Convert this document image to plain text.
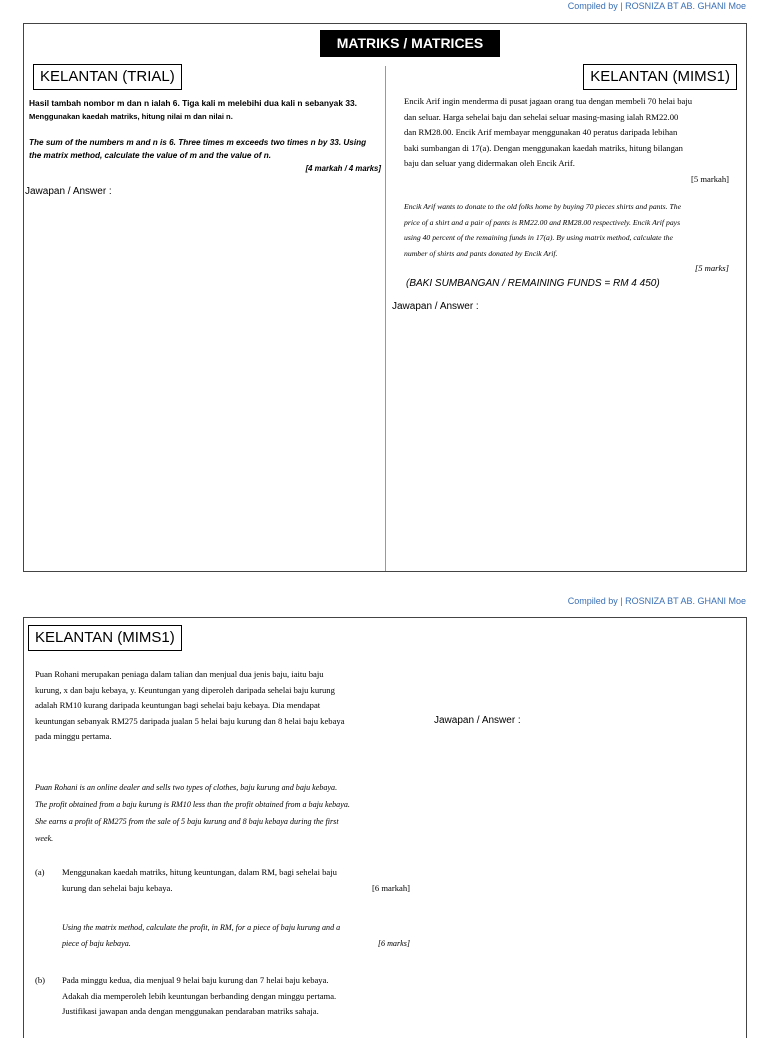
Compiled by | ROSNIZA BT AB. GHANI Moe
MATRIKS / MATRICES
KELANTAN (TRIAL)	KELANTAN (MIMS1)
Hasil tambah nombor m dan n ialah 6. Tiga kali m melebihi dua kali n sebanyak 33.
Menggunakan kaedah matriks, hitung nilai m dan nilai n.
The sum of the numbers m and n is 6. Three times m exceeds two times n by 33. Using
the matrix method, calculate the value of m and the value of n.
[4 markah / 4 marks]
Jawapan / Answer :
Encik Arif ingin menderma di pusat jagaan orang tua dengan membeli 70 helai baju
dan seluar. Harga sehelai baju dan sehelai seluar masing-masing ialah RM22.00
dan RM28.00. Encik Arif membayar menggunakan 40 peratus daripada lebihan
baki sumbangan di 17(a). Dengan menggunakan kaedah matriks, hitung bilangan
baju dan seluar yang didermakan oleh Encik Arif.
[5 markah]
Encik Arif wants to donate to the old folks home by buying 70 pieces shirts and pants. The
price of a shirt and a pair of pants is RM22.00 and RM28.00 respectively. Encik Arif pays
using 40 percent of the remaining funds in 17(a). By using matrix method, calculate the
number of shirts and pants donated by Encik Arif.
[5 marks]
(BAKI SUMBANGAN / REMAINING FUNDS = RM 4 450)
Jawapan / Answer :
Compiled by | ROSNIZA BT AB. GHANI Moe
KELANTAN (MIMS1)
Puan Rohani merupakan peniaga dalam talian dan menjual dua jenis baju, iaitu baju
kurung, x dan baju kebaya, y. Keuntungan yang diperoleh daripada sehelai baju kurung
adalah RM10 kurang daripada keuntungan bagi sehelai baju kebaya. Dia mendapat
keuntungan sebanyak RM275 daripada jualan 5 helai baju kurung dan 8 helai baju kebaya
pada minggu pertama.
Puan Rohani is an online dealer and sells two types of clothes, baju kurung and baju kebaya.
The profit obtained from a baju kurung is RM10 less than the profit obtained from a baju kebaya.
She earns a profit of RM275 from the sale of 5 baju kurung and 8 baju kebaya during the first
week.
(a)	Menggunakan kaedah matriks, hitung keuntungan, dalam RM, bagi sehelai baju
kurung dan sehelai baju kebaya.	[6 markah]
Using the matrix method, calculate the profit, in RM, for a piece of baju kurung and a
piece of baju kebaya.	[6 marks]
(b)	Pada minggu kedua, dia menjual 9 helai baju kurung dan 7 helai baju kebaya.
Adakah dia memperoleh lebih keuntungan berbanding dengan minggu pertama.
Justifikasi jawapan anda dengan menggunakan pendaraban matriks sahaja.
Jawapan / Answer :
